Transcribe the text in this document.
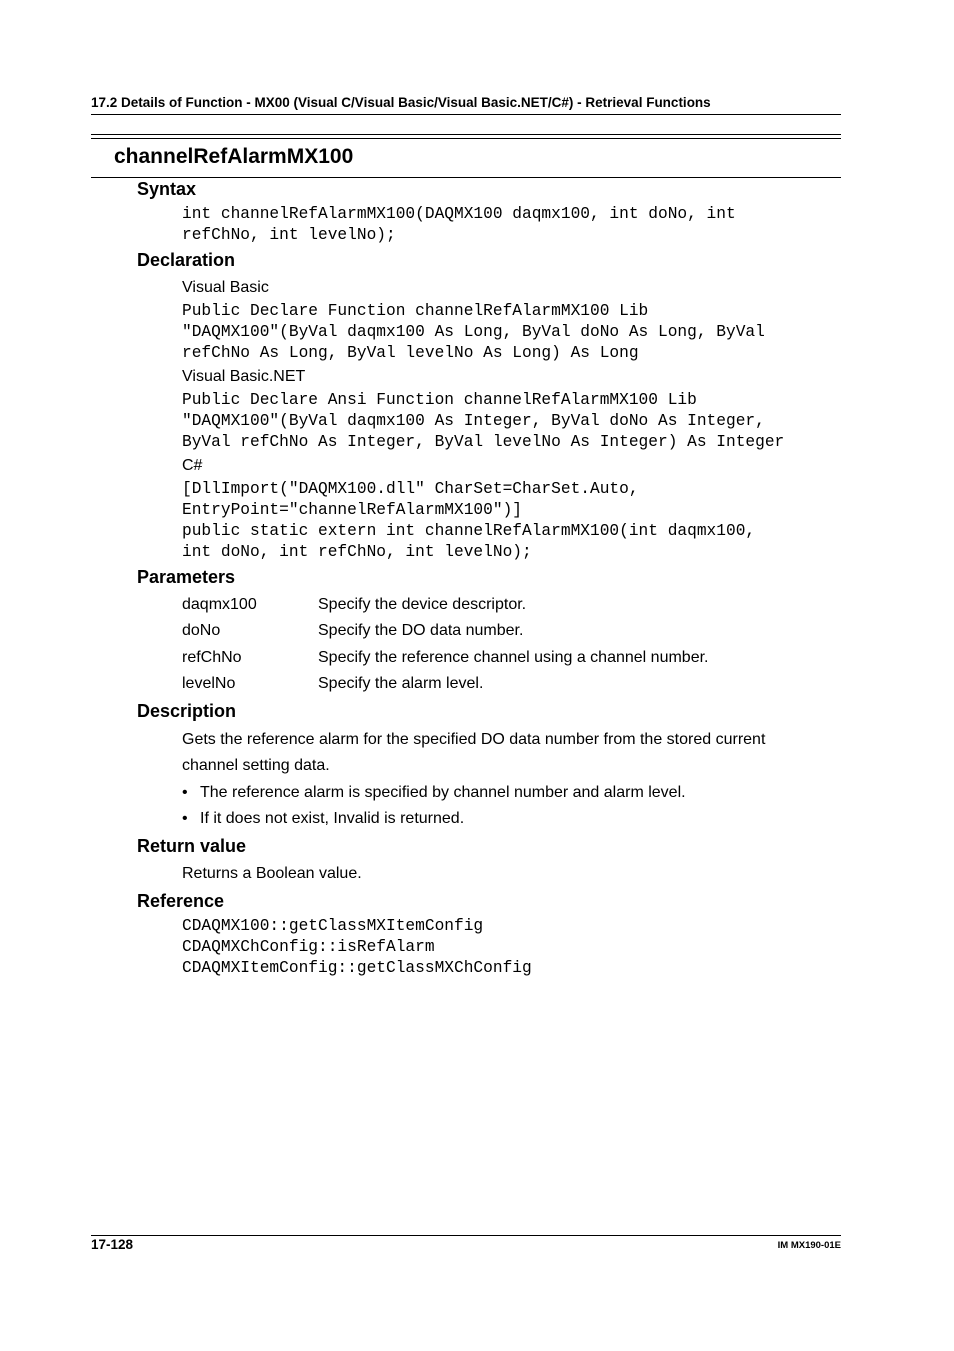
17.2 Details of Function - MX00 (Visual C/Visual Basic/Visual Basic.NET/C#) - Retrieval Functions
channelRefAlarmMX100
Syntax
int channelRefAlarmMX100(DAQMX100 daqmx100, int doNo, int
refChNo, int levelNo);
Declaration
Visual Basic
Public Declare Function channelRefAlarmMX100 Lib
"DAQMX100"(ByVal daqmx100 As Long, ByVal doNo As Long, ByVal
refChNo As Long, ByVal levelNo As Long) As Long
Visual Basic.NET
Public Declare Ansi Function channelRefAlarmMX100 Lib
"DAQMX100"(ByVal daqmx100 As Integer, ByVal doNo As Integer,
ByVal refChNo As Integer, ByVal levelNo As Integer) As Integer
C#
[DllImport("DAQMX100.dll" CharSet=CharSet.Auto,
EntryPoint="channelRefAlarmMX100")]
public static extern int channelRefAlarmMX100(int daqmx100,
int doNo, int refChNo, int levelNo);
Parameters
daqmx100	Specify the device descriptor.
doNo	Specify the DO data number.
refChNo	Specify the reference channel using a channel number.
levelNo	Specify the alarm level.
Description
Gets the reference alarm for the specified DO data number from the stored current
channel setting data.
• The reference alarm is specified by channel number and alarm level.
• If it does not exist, Invalid is returned.
Return value
Returns a Boolean value.
Reference
CDAQMX100::getClassMXItemConfig
CDAQMXChConfig::isRefAlarm
CDAQMXItemConfig::getClassMXChConfig
17-128	IM MX190-01E
